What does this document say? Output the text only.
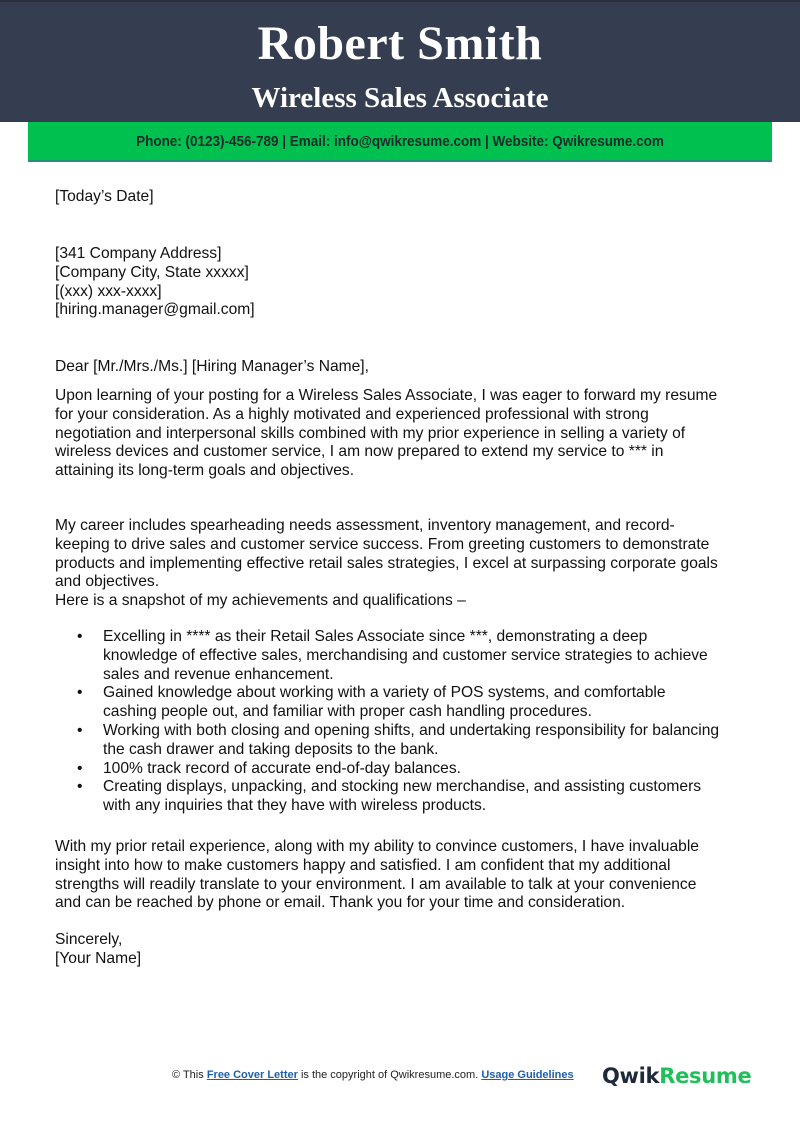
Robert Smith
Wireless Sales Associate
Phone: (0123)-456-789 | Email: info@qwikresume.com | Website: Qwikresume.com
[Today’s Date]
[341 Company Address]
[Company City, State xxxxx]
[(xxx) xxx-xxxx]
[hiring.manager@gmail.com]
Dear [Mr./Mrs./Ms.] [Hiring Manager’s Name],
Upon learning of your posting for a Wireless Sales Associate, I was eager to forward my resume
for your consideration. As a highly motivated and experienced professional with strong
negotiation and interpersonal skills combined with my prior experience in selling a variety of
wireless devices and customer service, I am now prepared to extend my service to *** in
attaining its long-term goals and objectives.
My career includes spearheading needs assessment, inventory management, and record-
keeping to drive sales and customer service success. From greeting customers to demonstrate
products and implementing effective retail sales strategies, I excel at surpassing corporate goals
and objectives.
Here is a snapshot of my achievements and qualifications –
• Excelling in **** as their Retail Sales Associate since ***, demonstrating a deep
knowledge of effective sales, merchandising and customer service strategies to achieve
sales and revenue enhancement.
• Gained knowledge about working with a variety of POS systems, and comfortable
cashing people out, and familiar with proper cash handling procedures.
• Working with both closing and opening shifts, and undertaking responsibility for balancing
the cash drawer and taking deposits to the bank.
• 100% track record of accurate end-of-day balances.
• Creating displays, unpacking, and stocking new merchandise, and assisting customers
with any inquiries that they have with wireless products.
With my prior retail experience, along with my ability to convince customers, I have invaluable
insight into how to make customers happy and satisfied. I am confident that my additional
strengths will readily translate to your environment. I am available to talk at your convenience
and can be reached by phone or email. Thank you for your time and consideration.
Sincerely,
[Your Name]
© This Free Cover Letter is the copyright of Qwikresume.com. Usage Guidelines QwikResume
